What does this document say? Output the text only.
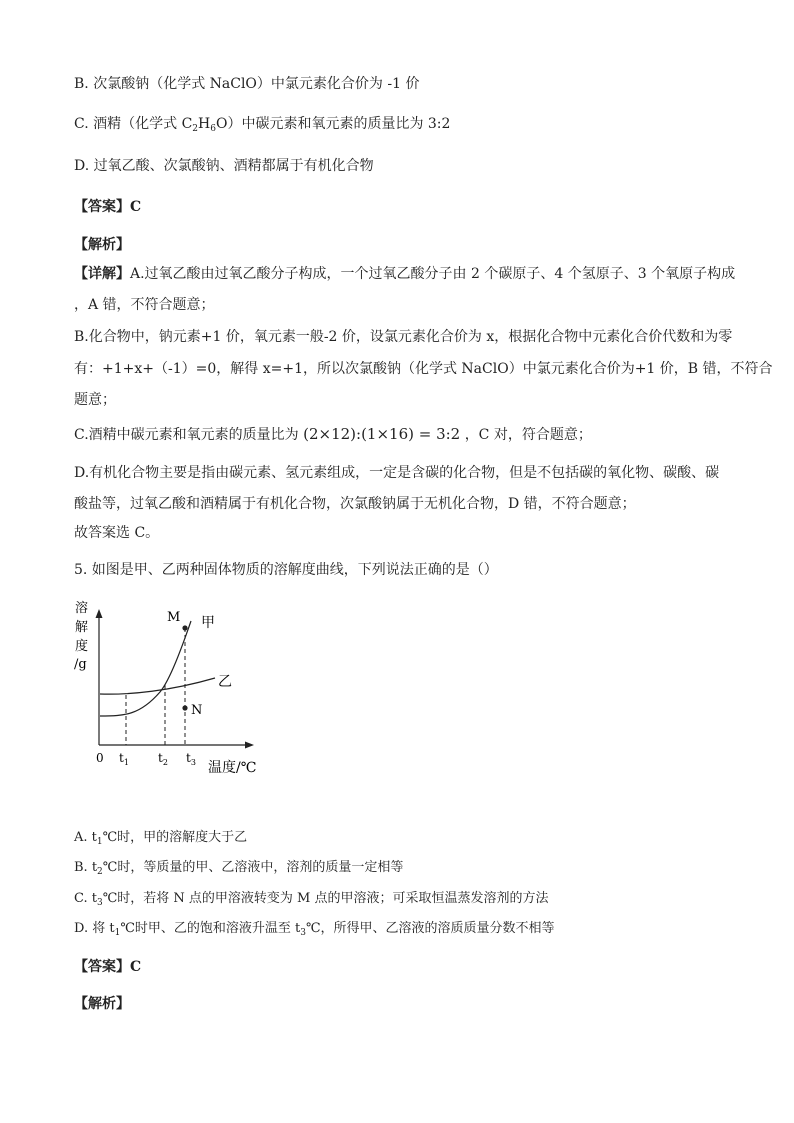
B. 次氯酸钠（化学式 NaClO）中氯元素化合价为 -1 价
C. 酒精（化学式 $C_2H_6O$）中碳元素和氧元素的质量比为 3:2
D. 过氧乙酸、次氯酸钠、酒精都属于有机化合物
【答案】C
【解析】
【详解】A.过氧乙酸由过氧乙酸分子构成，一个过氧乙酸分子由 2 个碳原子、4 个氢原子、3 个氧原子构成
，A 错，不符合题意；
B.化合物中，钠元素+1 价，氧元素一般-2 价，设氯元素化合价为 x，根据化合物中元素化合价代数和为零
有：+1+x+（-1）=0，解得 x=+1，所以次氯酸钠（化学式 NaClO）中氯元素化合价为+1 价，B 错，不符合
题意；
C.酒精中碳元素和氧元素的质量比为 (2×12):(1×16) = 3:2 ，C 对，符合题意；
D.有机化合物主要是指由碳元素、氢元素组成，一定是含碳的化合物，但是不包括碳的氧化物、碳酸、碳
酸盐等，过氧乙酸和酒精属于有机化合物，次氯酸钠属于无机化合物，D 错，不符合题意；
故答案选 C。
5. 如图是甲、乙两种固体物质的溶解度曲线，下列说法正确的是（）
溶
解
度
/g
M
N
甲
乙
0 $t_1$ $t_2$ $t_3$ 温度/℃
A. $t_1℃$时，甲的溶解度大于乙
B. $t_2℃$时，等质量的甲、乙溶液中，溶剂的质量一定相等
C. $t_3℃$时，若将 N 点的甲溶液转变为 M 点的甲溶液；可采取恒温蒸发溶剂的方法
D. 将 $t_1℃$时甲、乙的饱和溶液升温至 $t_3℃$，所得甲、乙溶液的溶质质量分数不相等
【答案】C
【解析】
